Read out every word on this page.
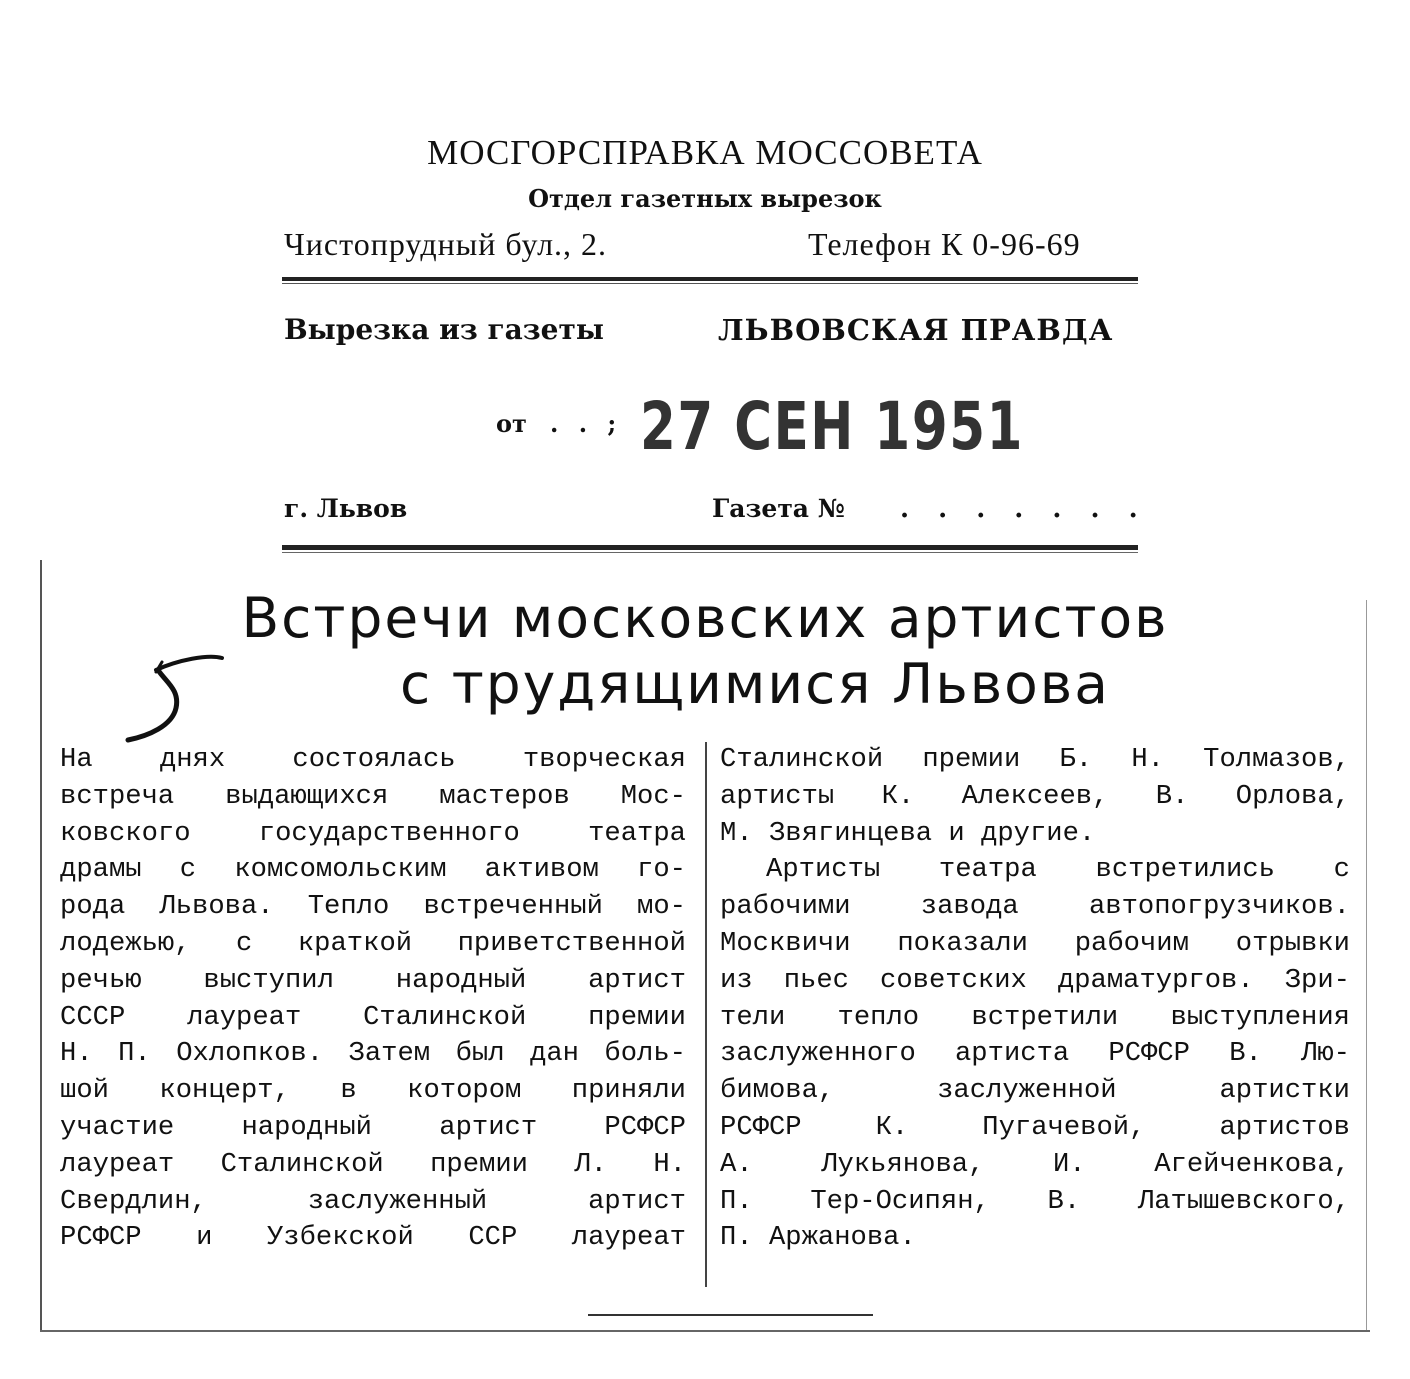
МОСГОРСПРАВКА МОССОВЕТА
Отдел газетных вырезок
Чистопрудный бул., 2.	Телефон К 0-96-69
Вырезка из газеты	ЛЬВОВСКАЯ ПРАВДА
от . . ; 27 СЕН 1951
г. Львов	Газета № . . . . . . .
Встречи московских артистов
с трудящимися Львова

На днях состоялась творческая

встреча выдающихся мастеров Мос-

ковского государственного театра

драмы с комсомольским активом го-

рода Львова. Тепло встреченный мо-

лодежью, с краткой приветственной

речью выступил народный артист

СССР лауреат Сталинской премии

Н. П. Охлопков. Затем был дан боль-

шой концерт, в котором приняли

участие народный артист РСФСР

лауреат Сталинской премии Л. Н.

Свердлин, заслуженный артист

РСФСР и Узбекской ССР лауреат

Сталинской премии Б. Н. Толмазов,

артисты К. Алексеев, В. Орлова,

М. Звягинцева и другие.

Артисты театра встретились с

рабочими завода автопогрузчиков.

Москвичи показали рабочим отрывки

из пьес советских драматургов. Зри-

тели тепло встретили выступления

заслуженного артиста РСФСР В. Лю-

бимова, заслуженной артистки

РСФСР К. Пугачевой, артистов

А. Лукьянова, И. Агейченкова,

П. Тер-Осипян, В. Латышевского,

П. Аржанова.
